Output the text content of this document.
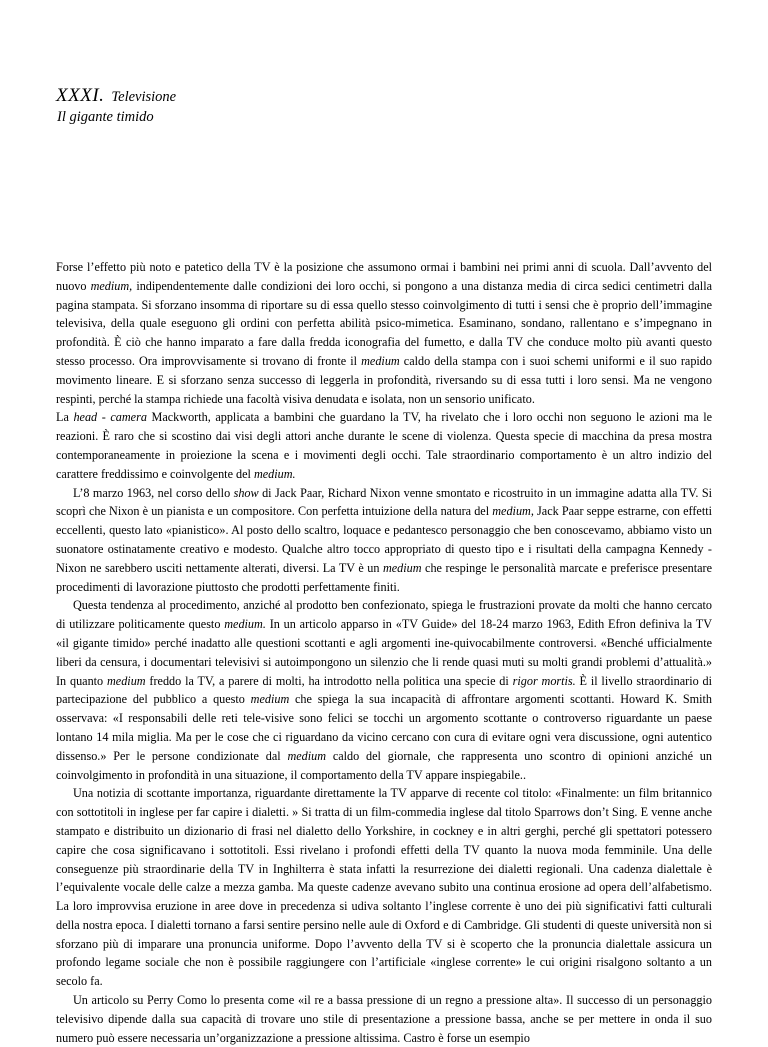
XXXI. Televisione
Il gigante timido

Forse l’effetto più noto e patetico della TV è la posizione che assumono ormai i bambini nei primi anni di scuola. Dall’avvento del nuovo medium, indipendentemente dalle condizioni dei loro occhi, si pongono a una distanza media di circa sedici centimetri dalla pagina stampata. Si sforzano insomma di riportare su di essa quello stesso coinvolgimento di tutti i sensi che è proprio dell’immagine televisiva, della quale eseguono gli ordini con perfetta abilità psico-mimetica. Esaminano, sondano, rallentano e s’impegnano in profondità. È ciò che hanno imparato a fare dalla fredda iconografia del fumetto, e dalla TV che conduce molto più avanti questo stesso processo. Ora improvvisamente si trovano di fronte il medium caldo della stampa con i suoi schemi uniformi e il suo rapido movimento lineare. E si sforzano senza successo di leggerla in profondità, riversando su di essa tutti i loro sensi. Ma ne vengono respinti, perché la stampa richiede una facoltà visiva denudata e isolata, non un sensorio unificato.

La head - camera Mackworth, applicata a bambini che guardano la TV, ha rivelato che i loro occhi non seguono le azioni ma le reazioni. È raro che si scostino dai visi degli attori anche durante le scene di violenza. Questa specie di macchina da presa mostra contemporaneamente in proiezione la scena e i movimenti degli occhi. Tale straordinario comportamento è un altro indizio del carattere freddissimo e coinvolgente del medium.

L’8 marzo 1963, nel corso dello show di Jack Paar, Richard Nixon venne smontato e ricostruito in un immagine adatta alla TV. Si scoprì che Nixon è un pianista e un compositore. Con perfetta intuizione della natura del medium, Jack Paar seppe estrarne, con effetti eccellenti, questo lato «pianistico». Al posto dello scaltro, loquace e pedantesco personaggio che ben conoscevamo, abbiamo visto un suonatore ostinatamente creativo e modesto. Qualche altro tocco appropriato di questo tipo e i risultati della campagna Kennedy - Nixon ne sarebbero usciti nettamente alterati, diversi. La TV è un medium che respinge le personalità marcate e preferisce presentare procedimenti di lavorazione piuttosto che prodotti perfettamente finiti.

Questa tendenza al procedimento, anziché al prodotto ben confezionato, spiega le frustrazioni provate da molti che hanno cercato di utilizzare politicamente questo medium. In un articolo apparso in «TV Guide» del 18-24 marzo 1963, Edith Efron definiva la TV «il gigante timido» perché inadatto alle questioni scottanti e agli argomenti ine-quivocabilmente controversi. «Benché ufficialmente liberi da censura, i documentari televisivi si autoimpongono un silenzio che li rende quasi muti su molti grandi problemi d’attualità.» In quanto medium freddo la TV, a parere di molti, ha introdotto nella politica una specie di rigor mortis. È il livello straordinario di partecipazione del pubblico a questo medium che spiega la sua incapacità di affrontare argomenti scottanti. Howard K. Smith osservava: «I responsabili delle reti tele-visive sono felici se tocchi un argomento scottante o controverso riguardante un paese lontano 14 mila miglia. Ma per le cose che ci riguardano da vicino cercano con cura di evitare ogni vera discussione, ogni autentico dissenso.» Per le persone condizionate dal medium caldo del giornale, che rappresenta uno scontro di opinioni anziché un coinvolgimento in profondità in una situazione, il comportamento della TV appare inspiegabile..

Una notizia di scottante importanza, riguardante direttamente la TV apparve di recente col titolo: «Finalmente: un film britannico con sottotitoli in inglese per far capire i dialetti. » Si tratta di un film-commedia inglese dal titolo Sparrows don’t Sing. E venne anche stampato e distribuito un dizionario di frasi nel dialetto dello Yorkshire, in cockney e in altri gerghi, perché gli spettatori potessero capire che cosa significavano i sottotitoli. Essi rivelano i profondi effetti della TV quanto la nuova moda femminile. Una delle conseguenze più straordinarie della TV in Inghilterra è stata infatti la resurrezione dei dialetti regionali. Una cadenza dialettale è l’equivalente vocale delle calze a mezza gamba. Ma queste cadenze avevano subito una continua erosione ad opera dell’alfabetismo. La loro improvvisa eruzione in aree dove in precedenza si udiva soltanto l’inglese corrente è uno dei più significativi fatti culturali della nostra epoca. I dialetti tornano a farsi sentire persino nelle aule di Oxford e di Cambridge. Gli studenti di queste università non si sforzano più di imparare una pronuncia uniforme. Dopo l’avvento della TV si è scoperto che la pronuncia dialettale assicura un profondo legame sociale che non è possibile raggiungere con l’artificiale «inglese corrente» le cui origini risalgono soltanto a un secolo fa.

Un articolo su Perry Como lo presenta come «il re a bassa pressione di un regno a pressione alta». Il successo di un personaggio televisivo dipende dalla sua capacità di trovare uno stile di presentazione a pressione bassa, anche se per mettere in onda il suo numero può essere necessaria un’organizzazione a pressione altissima. Castro è forse un esempio
